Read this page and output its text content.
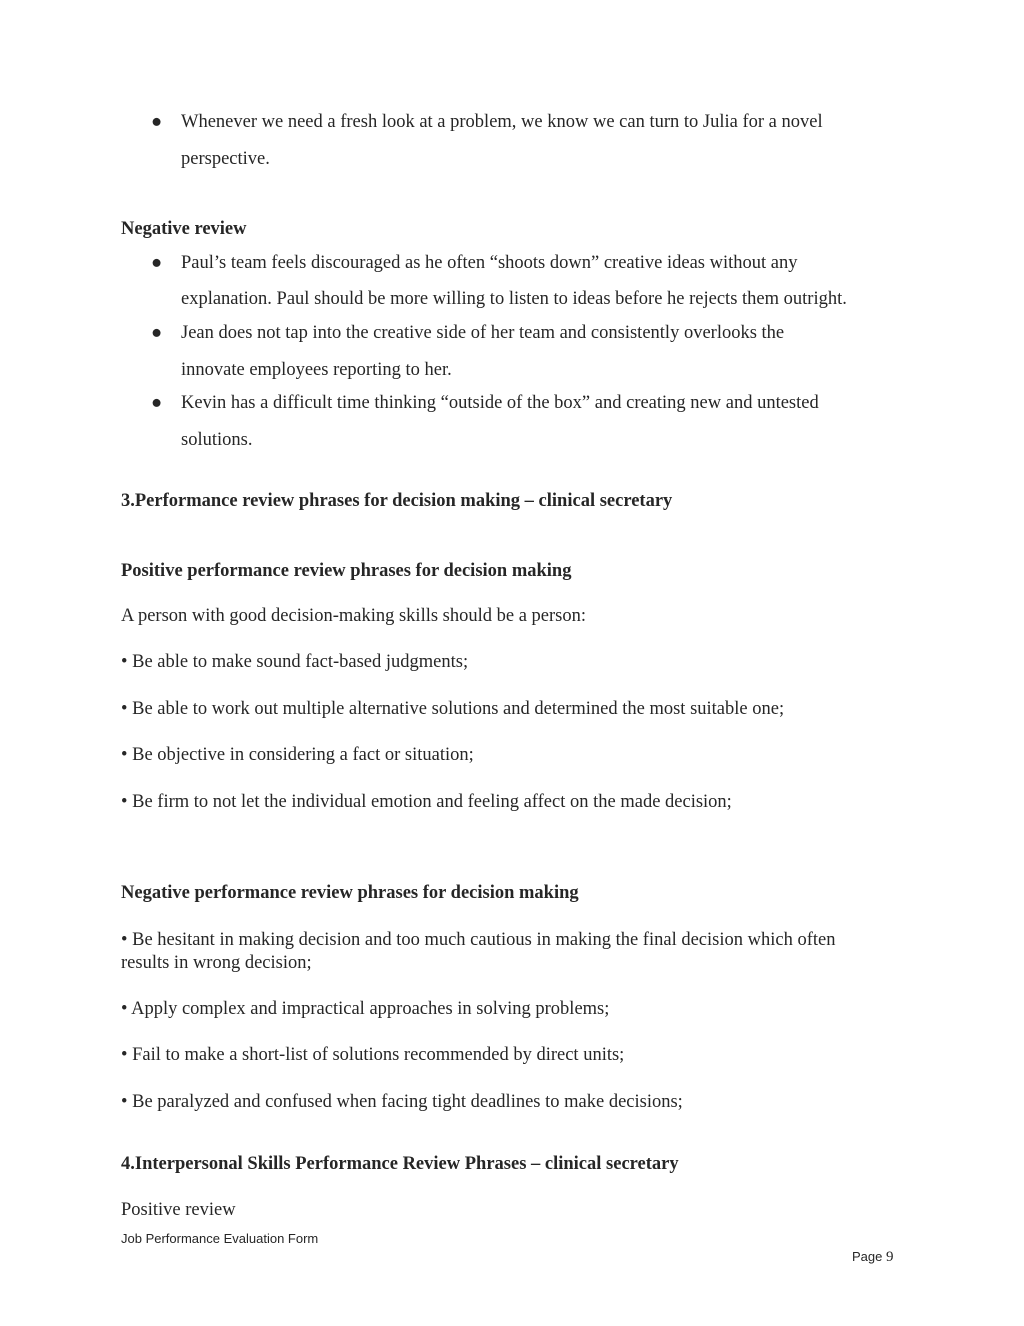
● Whenever we need a fresh look at a problem, we know we can turn to Julia for a novel
perspective.
Negative review
● Paul’s team feels discouraged as he often “shoots down” creative ideas without any
explanation. Paul should be more willing to listen to ideas before he rejects them outright.
● Jean does not tap into the creative side of her team and consistently overlooks the
innovate employees reporting to her.
● Kevin has a difficult time thinking “outside of the box” and creating new and untested
solutions.
3.Performance review phrases for decision making – clinical secretary
Positive performance review phrases for decision making
A person with good decision-making skills should be a person:
• Be able to make sound fact-based judgments;
• Be able to work out multiple alternative solutions and determined the most suitable one;
• Be objective in considering a fact or situation;
• Be firm to not let the individual emotion and feeling affect on the made decision;
Negative performance review phrases for decision making
• Be hesitant in making decision and too much cautious in making the final decision which often
results in wrong decision;
• Apply complex and impractical approaches in solving problems;
• Fail to make a short-list of solutions recommended by direct units;
• Be paralyzed and confused when facing tight deadlines to make decisions;
4.Interpersonal Skills Performance Review Phrases – clinical secretary
Positive review
Job Performance Evaluation Form
Page 9
